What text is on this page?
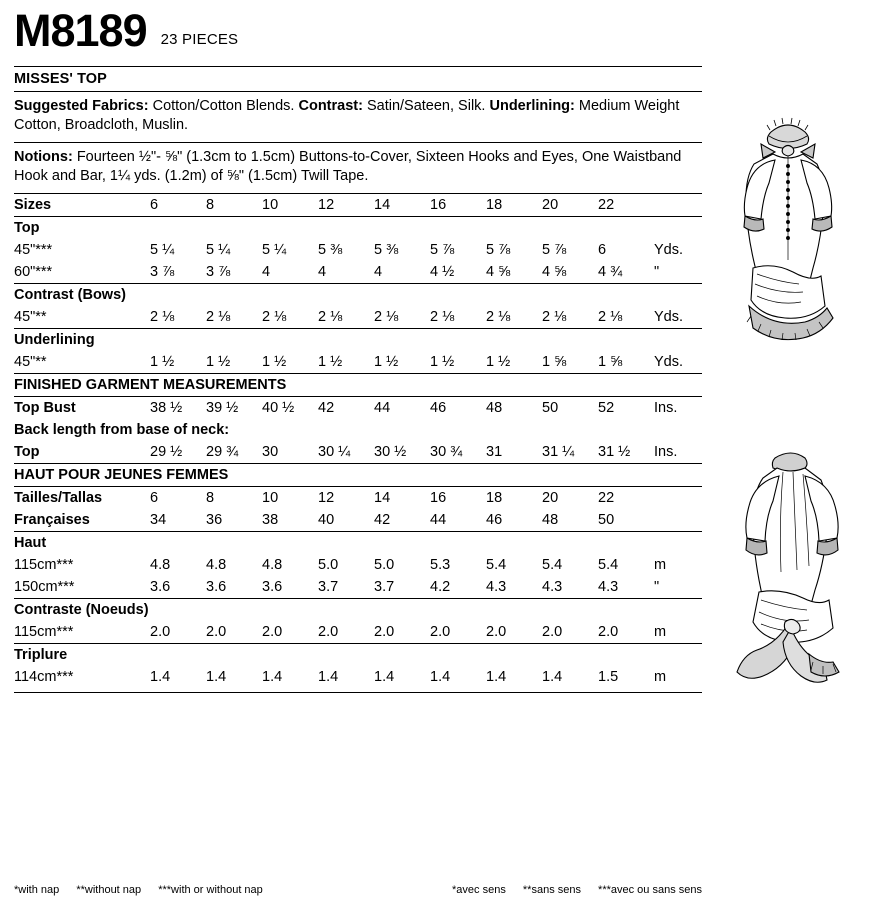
M8189 23 PIECES
MISSES' TOP
Suggested Fabrics: Cotton/Cotton Blends. Contrast: Satin/Sateen, Silk. Underlining: Medium Weight Cotton, Broadcloth, Muslin.
Notions: Fourteen ½"- ⅝" (1.3cm to 1.5cm) Buttons-to-Cover, Sixteen Hooks and Eyes, One Waistband Hook and Bar, 1¼ yds. (1.2m) of ⅝" (1.5cm) Twill Tape.
Sizes	6	8	10	12	14	16	18	20	22	
Top										
45"***	5 ¼	5 ¼	5 ¼	5 ⅜	5 ⅜	5 ⅞	5 ⅞	5 ⅞	6	Yds.
60"***	3 ⅞	3 ⅞	4	4	4	4 ½	4 ⅝	4 ⅝	4 ¾	"
Contrast (Bows)										
45"**	2 ⅛	2 ⅛	2 ⅛	2 ⅛	2 ⅛	2 ⅛	2 ⅛	2 ⅛	2 ⅛	Yds.
Underlining										
45"**	1 ½	1 ½	1 ½	1 ½	1 ½	1 ½	1 ½	1 ⅝	1 ⅝	Yds.
FINISHED GARMENT MEASUREMENTS										
Top Bust	38 ½	39 ½	40 ½	42	44	46	48	50	52	Ins.
Back length from base of neck:										
Top	29 ½	29 ¾	30	30 ¼	30 ½	30 ¾	31	31 ¼	31 ½	Ins.
HAUT POUR JEUNES FEMMES										
Tailles/Tallas	6	8	10	12	14	16	18	20	22	
Françaises	34	36	38	40	42	44	46	48	50	
Haut										
115cm***	4.8	4.8	4.8	5.0	5.0	5.3	5.4	5.4	5.4	m
150cm***	3.6	3.6	3.6	3.7	3.7	4.2	4.3	4.3	4.3	"
Contraste (Noeuds)										
115cm***	2.0	2.0	2.0	2.0	2.0	2.0	2.0	2.0	2.0	m
Triplure										
114cm***	1.4	1.4	1.4	1.4	1.4	1.4	1.4	1.4	1.5	m
*with nap **without nap ***with or without nap	*avec sens **sans sens ***avec ou sans sens
